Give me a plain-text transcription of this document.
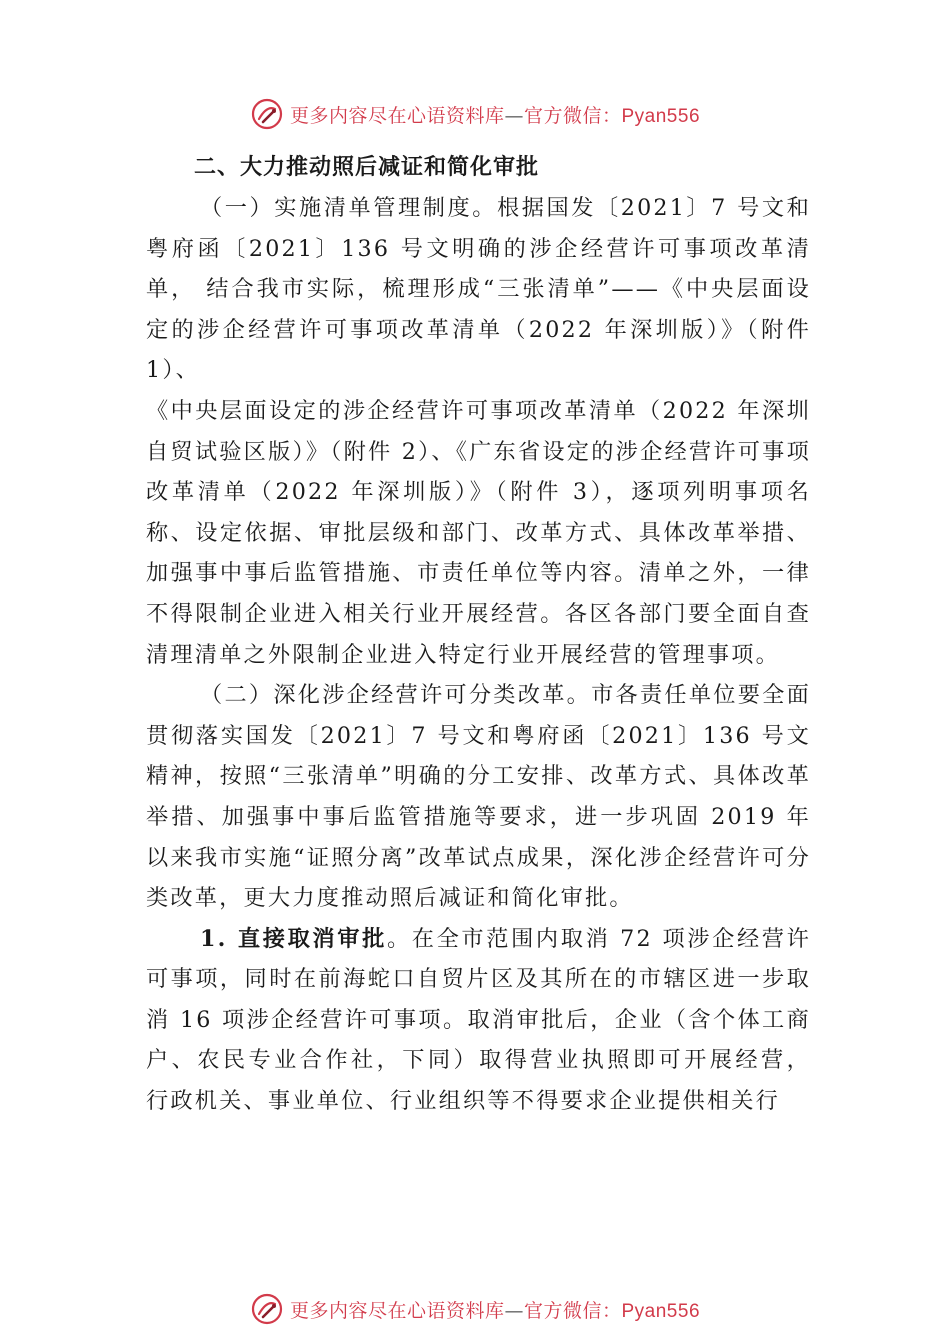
更多内容尽在心语资料库—官方微信：Pyan556

二、大力推动照后减证和简化审批

（一）实施清单管理制度。根据国发〔2021〕7 号文和粤府函〔2021〕136 号文明确的涉企经营许可事项改革清单， 结合我市实际，梳理形成“三张清单”——《中央层面设定的涉企经营许可事项改革清单（2022 年深圳版）》（附件 1）、

《中央层面设定的涉企经营许可事项改革清单（2022 年深圳自贸试验区版）》（附件 2）、《广东省设定的涉企经营许可事项改革清单（2022 年深圳版）》（附件 3），逐项列明事项名称、设定依据、审批层级和部门、改革方式、具体改革举措、加强事中事后监管措施、市责任单位等内容。清单之外，一律不得限制企业进入相关行业开展经营。各区各部门要全面自查清理清单之外限制企业进入特定行业开展经营的管理事项。

（二）深化涉企经营许可分类改革。市各责任单位要全面贯彻落实国发〔2021〕7 号文和粤府函〔2021〕136 号文精神，按照“三张清单”明确的分工安排、改革方式、具体改革举措、加强事中事后监管措施等要求，进一步巩固 2019 年以来我市实施“证照分离”改革试点成果，深化涉企经营许可分类改革，更大力度推动照后减证和简化审批。

1. 直接取消审批。在全市范围内取消 72 项涉企经营许可事项，同时在前海蛇口自贸片区及其所在的市辖区进一步取消 16 项涉企经营许可事项。取消审批后，企业（含个体工商户、农民专业合作社，下同）取得营业执照即可开展经营， 行政机关、事业单位、行业组织等不得要求企业提供相关行

更多内容尽在心语资料库—官方微信：Pyan556
